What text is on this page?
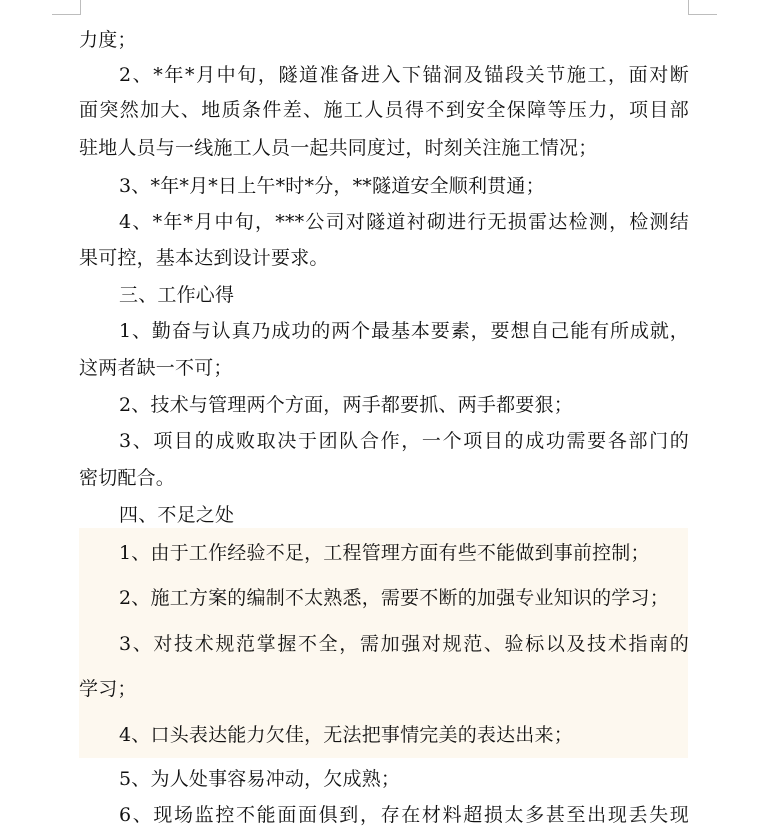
力度；
2、*年*月中旬，隧道准备进入下锚洞及锚段关节施工，面对断
面突然加大、地质条件差、施工人员得不到安全保障等压力，项目部
驻地人员与一线施工人员一起共同度过，时刻关注施工情况；
3、*年*月*日上午*时*分，**隧道安全顺利贯通；
4、*年*月中旬，***公司对隧道衬砌进行无损雷达检测，检测结
果可控，基本达到设计要求。
三、工作心得
1、勤奋与认真乃成功的两个最基本要素，要想自己能有所成就，
这两者缺一不可；
2、技术与管理两个方面，两手都要抓、两手都要狠；
3、项目的成败取决于团队合作，一个项目的成功需要各部门的
密切配合。
四、不足之处
1、由于工作经验不足，工程管理方面有些不能做到事前控制；
2、施工方案的编制不太熟悉，需要不断的加强专业知识的学习；
3、对技术规范掌握不全，需加强对规范、验标以及技术指南的
学习；
4、口头表达能力欠佳，无法把事情完美的表达出来；
5、为人处事容易冲动，欠成熟；
6、现场监控不能面面俱到，存在材料超损太多甚至出现丢失现
